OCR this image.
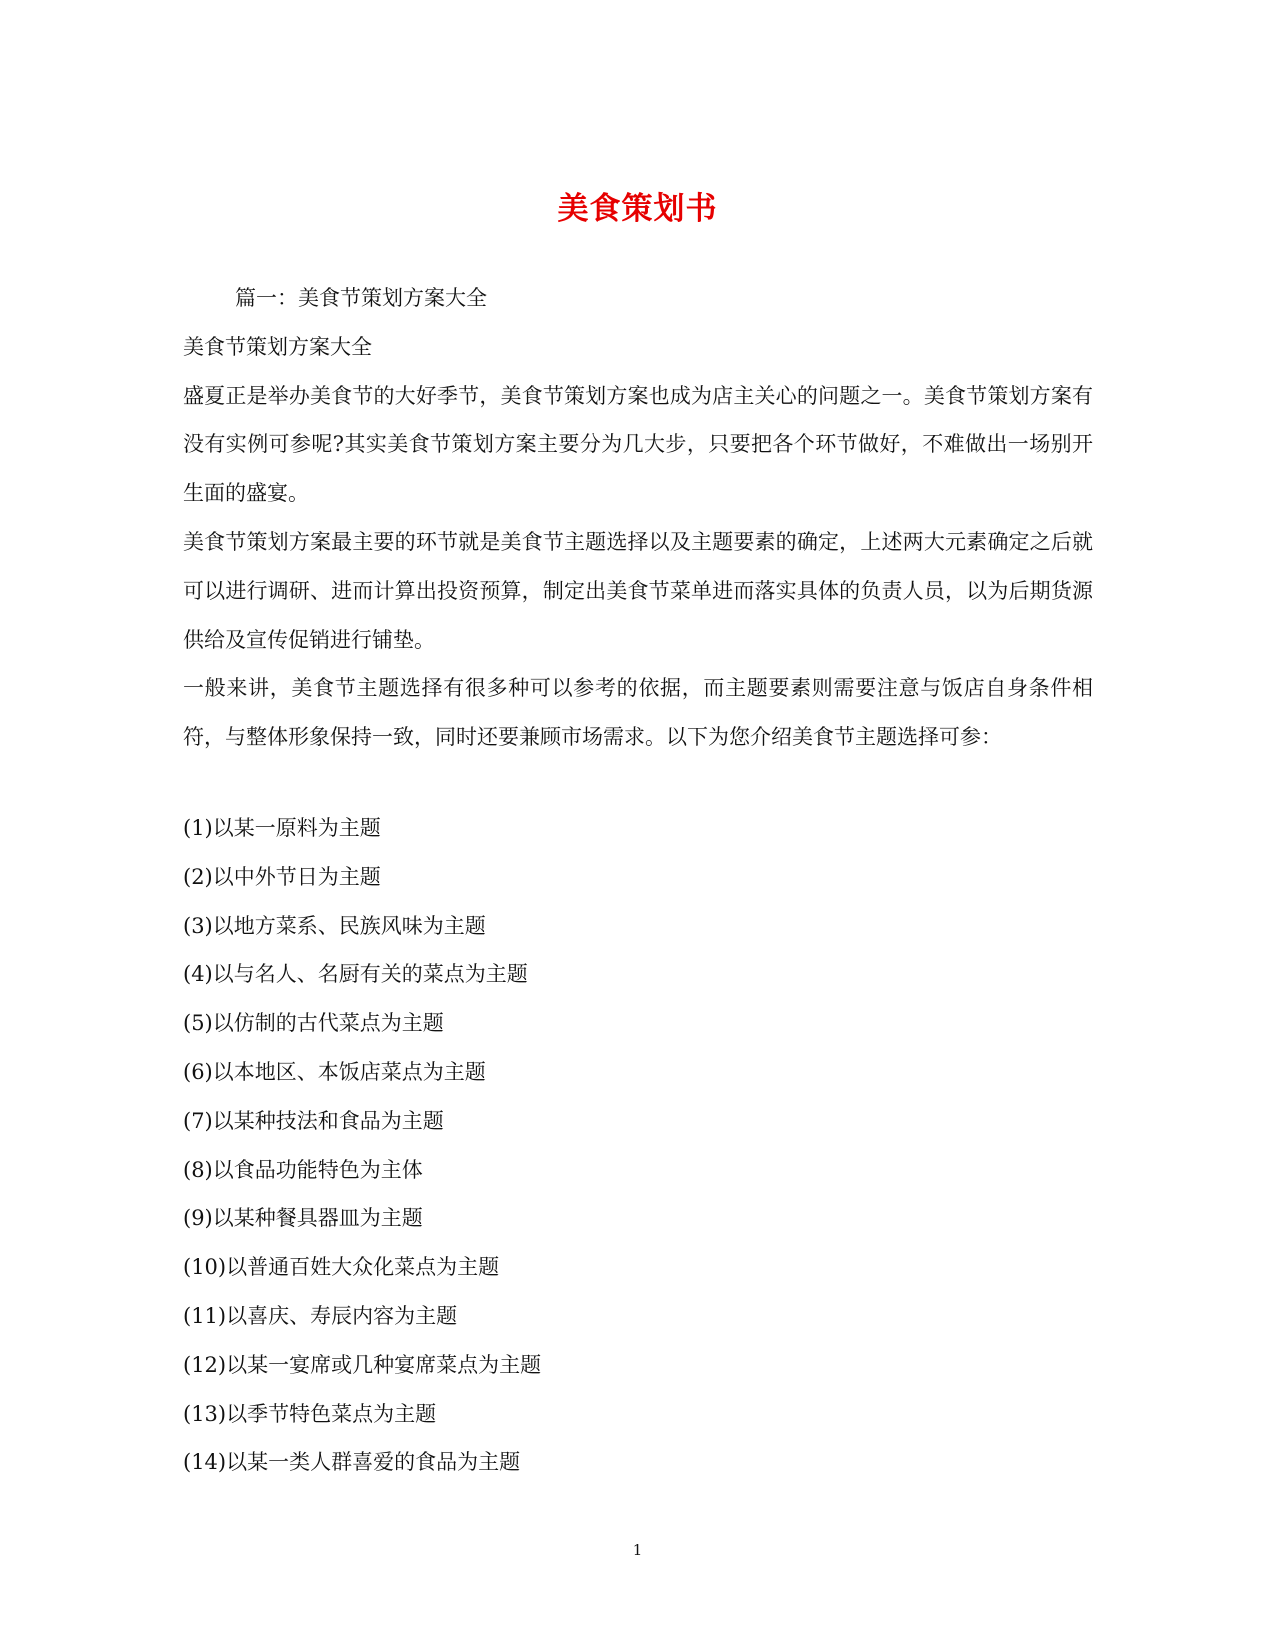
美食策划书

篇一：美食节策划方案大全

美食节策划方案大全

盛夏正是举办美食节的大好季节，美食节策划方案也成为店主关心的问题之一。美食节策划方案有没有实例可参呢?其实美食节策划方案主要分为几大步，只要把各个环节做好，不难做出一场别开生面的盛宴。

美食节策划方案最主要的环节就是美食节主题选择以及主题要素的确定，上述两大元素确定之后就可以进行调研、进而计算出投资预算，制定出美食节菜单进而落实具体的负责人员，以为后期货源供给及宣传促销进行铺垫。

一般来讲，美食节主题选择有很多种可以参考的依据，而主题要素则需要注意与饭店自身条件相符，与整体形象保持一致，同时还要兼顾市场需求。以下为您介绍美食节主题选择可参：

(1)以某一原料为主题
(2)以中外节日为主题
(3)以地方菜系、民族风味为主题
(4)以与名人、名厨有关的菜点为主题
(5)以仿制的古代菜点为主题
(6)以本地区、本饭店菜点为主题
(7)以某种技法和食品为主题
(8)以食品功能特色为主体
(9)以某种餐具器皿为主题
(10)以普通百姓大众化菜点为主题
(11)以喜庆、寿辰内容为主题
(12)以某一宴席或几种宴席菜点为主题
(13)以季节特色菜点为主题
(14)以某一类人群喜爱的食品为主题
1
